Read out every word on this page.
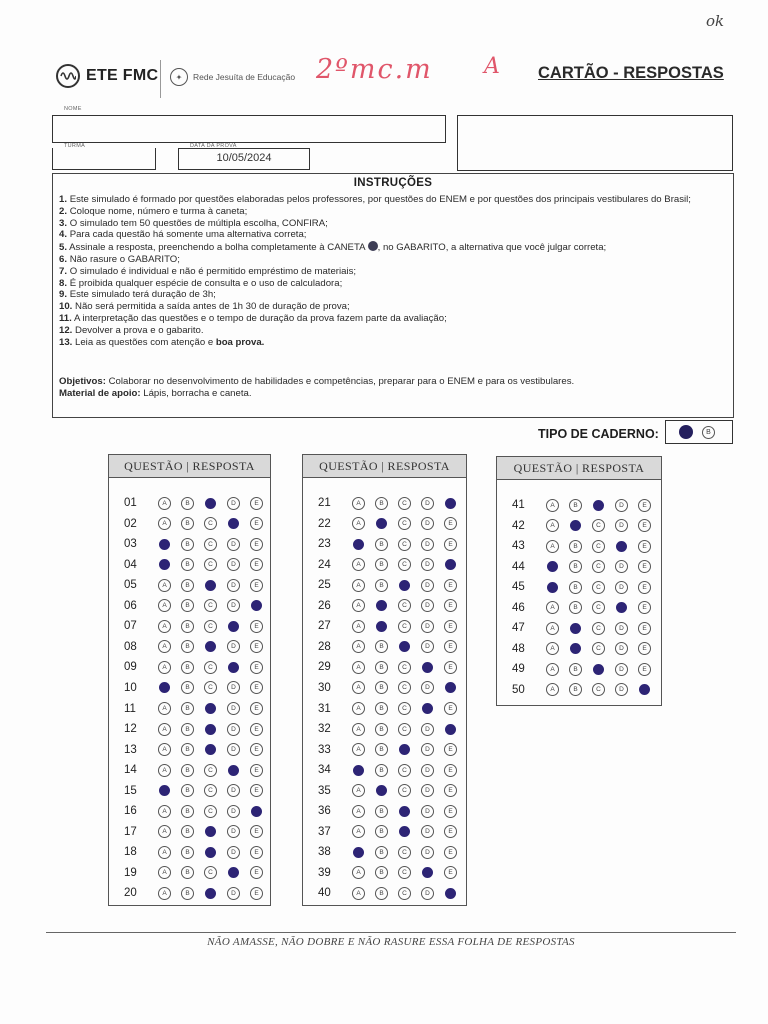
ok
ETE FMC	✦	Rede Jesuíta de Educação 2ºmc.m A CARTÃO - RESPOSTAS
NOME
TURMA	DATA DA PROVA
10/05/2024
INSTRUÇÕES
1. Este simulado é formado por questões elaboradas pelos professores, por questões do ENEM e por questões dos principais vestibulares do Brasil;
2. Coloque nome, número e turma à caneta;
3. O simulado tem 50 questões de múltipla escolha, CONFIRA;
4. Para cada questão há somente uma alternativa correta;
5. Assinale a resposta, preenchendo a bolha completamente à CANETA , no GABARITO, a alternativa que você julgar correta;
6. Não rasure o GABARITO;
7. O simulado é individual e não é permitido empréstimo de materiais;
8. É proibida qualquer espécie de consulta e o uso de calculadora;
9. Este simulado terá duração de 3h;
10. Não será permitida a saída antes de 1h 30 de duração de prova;
11. A interpretação das questões e o tempo de duração da prova fazem parte da avaliação;
12. Devolver a prova e o gabarito.
13. Leia as questões com atenção e boa prova.
Objetivos: Colaborar no desenvolvimento de habilidades e competências, preparar para o ENEM e para os vestibulares.
Material de apoio: Lápis, borracha e caneta.
TIPO DE CADERNO:	B
QUESTÃO | RESPOSTA
01	A	B	D	E
02	A	B	C	E
03	B	C	D	E
04	B	C	D	E
05	A	B	D	E
06	A	B	C	D
07	A	B	C	E
08	A	B	D	E
09	A	B	C	E
10	B	C	D	E
11	A	B	D	E
12	A	B	D	E
13	A	B	D	E
14	A	B	C	E
15	B	C	D	E
16	A	B	C	D
17	A	B	D	E
18	A	B	D	E
19	A	B	C	E
20	A	B	D	E
QUESTÃO | RESPOSTA
21	A	B	C	D
22	A	C	D	E
23	B	C	D	E
24	A	B	C	D
25	A	B	D	E
26	A	C	D	E
27	A	C	D	E
28	A	B	D	E
29	A	B	C	E
30	A	B	C	D
31	A	B	C	E
32	A	B	C	D
33	A	B	D	E
34	B	C	D	E
35	A	C	D	E
36	A	B	D	E
37	A	B	D	E
38	B	C	D	E
39	A	B	C	E
40	A	B	C	D
QUESTÃO | RESPOSTA
41	A	B	D	E
42	A	C	D	E
43	A	B	C	E
44	B	C	D	E
45	B	C	D	E
46	A	B	C	E
47	A	C	D	E
48	A	C	D	E
49	A	B	D	E
50	A	B	C	D
NÃO AMASSE, NÃO DOBRE E NÃO RASURE ESSA FOLHA DE RESPOSTAS
